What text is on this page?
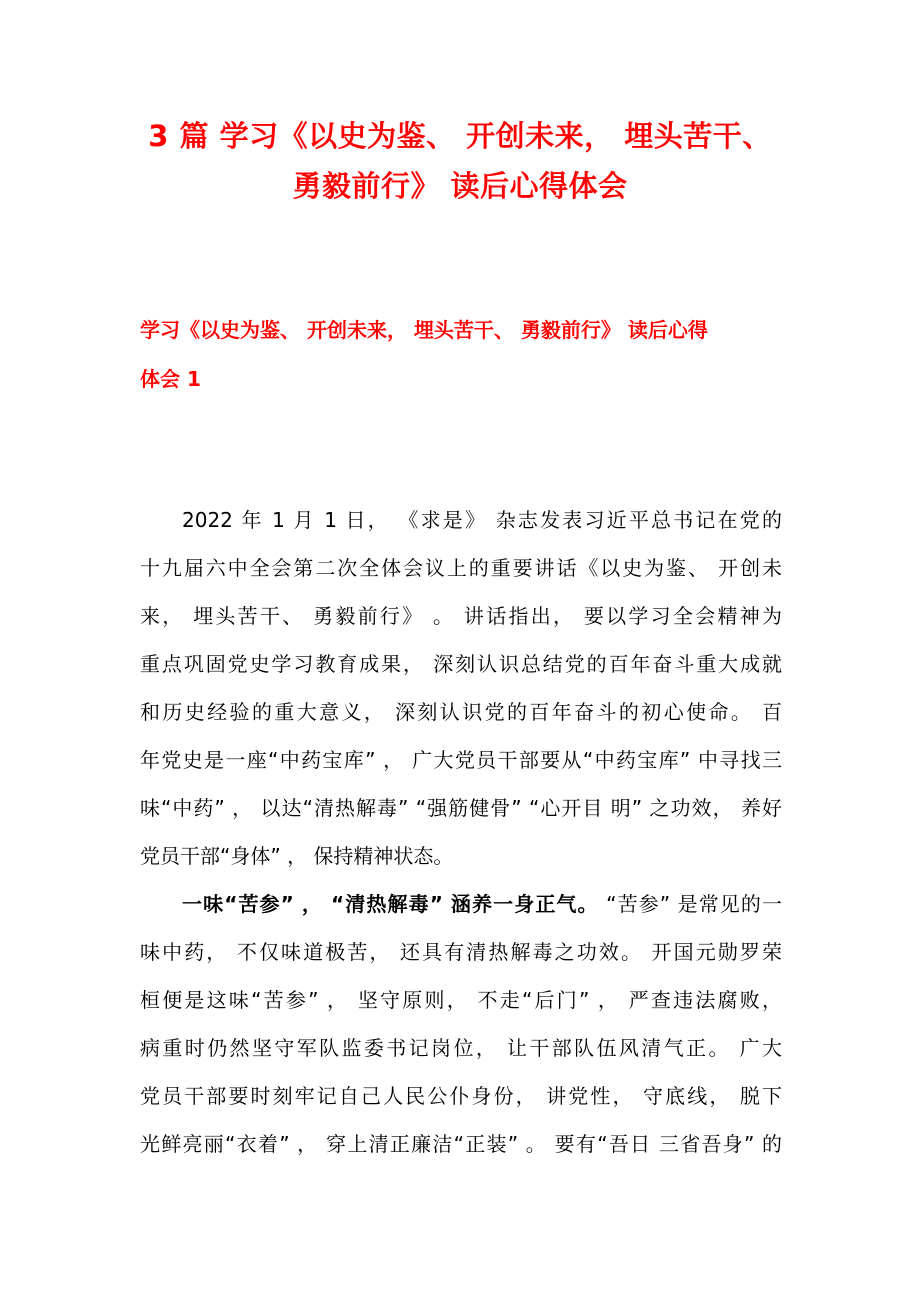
3 篇 学习《以史为鉴、 开创未来， 埋头苦干、
勇毅前行》 读后心得体会
学习《以史为鉴、 开创未来， 埋头苦干、 勇毅前行》 读后心得
体会 1
2022 年 1 月 1 日， 《求是》 杂志发表习近平总书记在党的
十九届六中全会第二次全体会议上的重要讲话《以史为鉴、 开创未
来， 埋头苦干、 勇毅前行》 。 讲话指出， 要以学习全会精神为
重点巩固党史学习教育成果， 深刻认识总结党的百年奋斗重大成就
和历史经验的重大意义， 深刻认识党的百年奋斗的初心使命。 百
年党史是一座“中药宝库” ， 广大党员干部要从“中药宝库” 中寻找三
味“中药” ， 以达“清热解毒” “强筋健骨” “心开目 明” 之功效， 养好
党员干部“身体” ， 保持精神状态。
一味“苦参” ， “清热解毒” 涵养一身正气。 “苦参” 是常见的一
味中药， 不仅味道极苦， 还具有清热解毒之功效。 开国元勋罗荣
桓便是这味“苦参” ， 坚守原则， 不走“后门” ， 严查违法腐败，
病重时仍然坚守军队监委书记岗位， 让干部队伍风清气正。 广大
党员干部要时刻牢记自己人民公仆身份， 讲党性， 守底线， 脱下
光鲜亮丽“衣着” ， 穿上清正廉洁“正装” 。 要有“吾日 三省吾身” 的
